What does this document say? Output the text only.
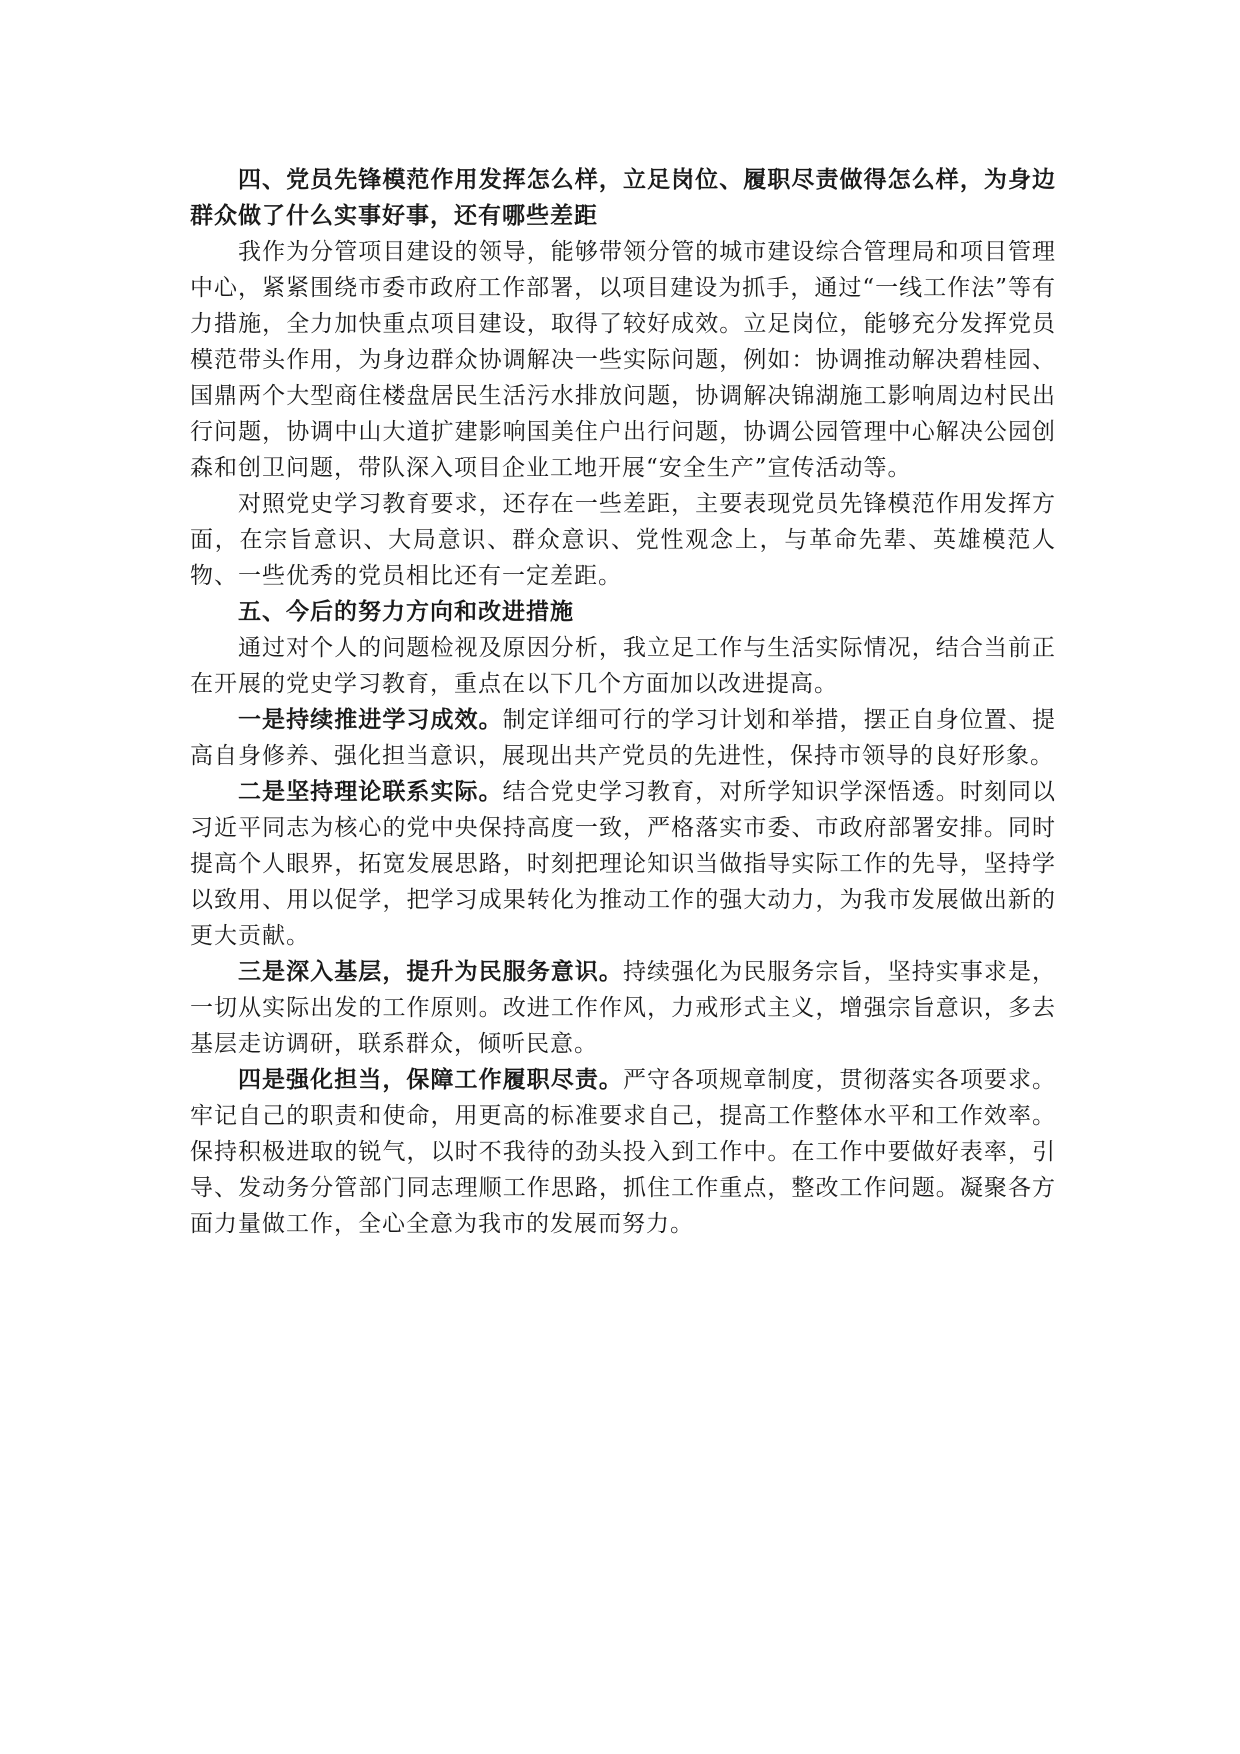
四、党员先锋模范作用发挥怎么样，立足岗位、履职尽责做得怎么样，为身边群众做了什么实事好事，还有哪些差距

我作为分管项目建设的领导，能够带领分管的城市建设综合管理局和项目管理中心，紧紧围绕市委市政府工作部署，以项目建设为抓手，通过“一线工作法”等有力措施，全力加快重点项目建设，取得了较好成效。立足岗位，能够充分发挥党员模范带头作用，为身边群众协调解决一些实际问题，例如：协调推动解决碧桂园、国鼎两个大型商住楼盘居民生活污水排放问题，协调解决锦湖施工影响周边村民出行问题，协调中山大道扩建影响国美住户出行问题，协调公园管理中心解决公园创森和创卫问题，带队深入项目企业工地开展“安全生产”宣传活动等。

对照党史学习教育要求，还存在一些差距，主要表现党员先锋模范作用发挥方面，在宗旨意识、大局意识、群众意识、党性观念上，与革命先辈、英雄模范人物、一些优秀的党员相比还有一定差距。

五、今后的努力方向和改进措施

通过对个人的问题检视及原因分析，我立足工作与生活实际情况，结合当前正在开展的党史学习教育，重点在以下几个方面加以改进提高。

一是持续推进学习成效。制定详细可行的学习计划和举措，摆正自身位置、提高自身修养、强化担当意识，展现出共产党员的先进性，保持市领导的良好形象。

二是坚持理论联系实际。结合党史学习教育，对所学知识学深悟透。时刻同以习近平同志为核心的党中央保持高度一致，严格落实市委、市政府部署安排。同时提高个人眼界，拓宽发展思路，时刻把理论知识当做指导实际工作的先导，坚持学以致用、用以促学，把学习成果转化为推动工作的强大动力，为我市发展做出新的更大贡献。

三是深入基层，提升为民服务意识。持续强化为民服务宗旨，坚持实事求是，一切从实际出发的工作原则。改进工作作风，力戒形式主义，增强宗旨意识，多去基层走访调研，联系群众，倾听民意。

四是强化担当，保障工作履职尽责。严守各项规章制度，贯彻落实各项要求。牢记自己的职责和使命，用更高的标准要求自己，提高工作整体水平和工作效率。保持积极进取的锐气，以时不我待的劲头投入到工作中。在工作中要做好表率，引导、发动务分管部门同志理顺工作思路，抓住工作重点，整改工作问题。凝聚各方面力量做工作，全心全意为我市的发展而努力。
